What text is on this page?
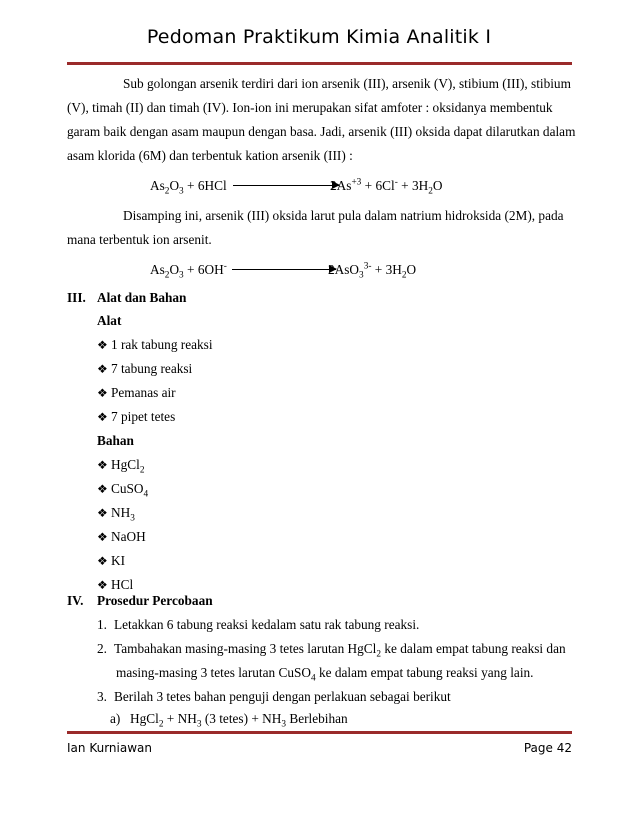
Pedoman Praktikum Kimia Analitik I
Sub golongan arsenik terdiri dari ion arsenik (III), arsenik (V), stibium (III), stibium
(V), timah (II) dan timah (IV). Ion-ion ini merupakan sifat amfoter : oksidanya membentuk
garam baik dengan asam maupun dengan basa. Jadi, arsenik (III) oksida dapat dilarutkan dalam
asam klorida (6M) dan terbentuk kation arsenik (III) :
$As_2O_3 + 6HCl$	$2As^{+3} + 6Cl^- + 3H_2O$
Disamping ini, arsenik (III) oksida larut pula dalam natrium hidroksida (2M), pada
mana terbentuk ion arsenit.
$As_2O_3 + 6OH^-$	$2AsO_3^{3-} + 3H_2O$
III. Alat dan Bahan
Alat
❖ 1 rak tabung reaksi
❖ 7 tabung reaksi
❖ Pemanas air
❖ 7 pipet tetes
Bahan
❖ HgCl$_2$
❖ CuSO$_4$
❖ $NH_3$
❖ NaOH
❖ KI
❖ HCl
IV. Prosedur Percobaan
1. Letakkan 6 tabung reaksi kedalam satu rak tabung reaksi.
2. Tambahakan masing-masing 3 tetes larutan HgCl$_2$ ke dalam empat tabung reaksi dan
masing-masing 3 tetes larutan CuSO$_4$ ke dalam empat tabung reaksi yang lain.
3. Berilah 3 tetes bahan penguji dengan perlakuan sebagai berikut
a) HgCl$_2$ + $NH_3$ (3 tetes) + $NH_3$ Berlebihan
Ian Kurniawan	Page 42
